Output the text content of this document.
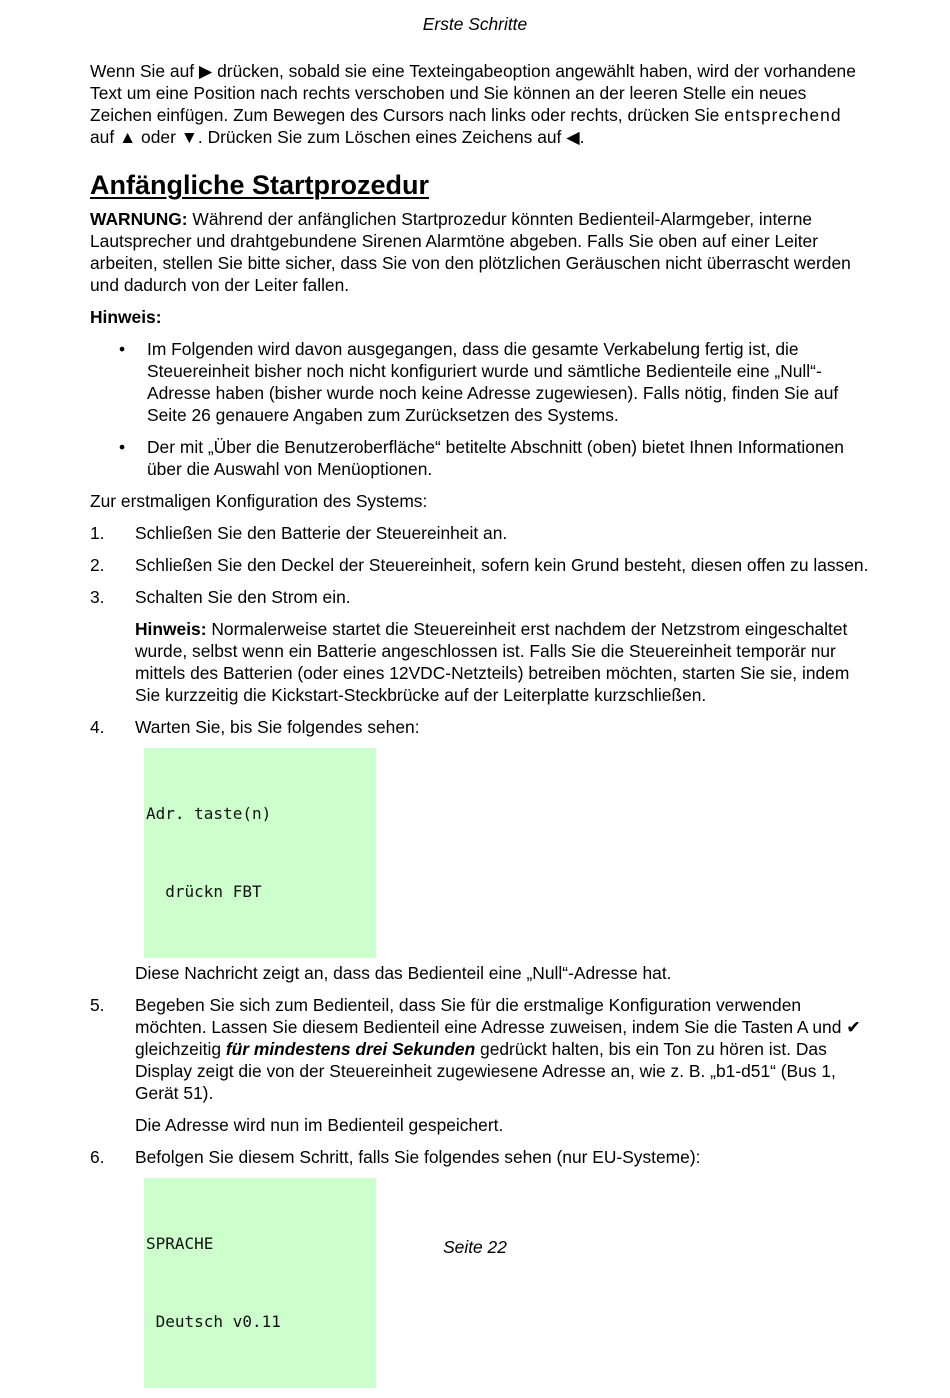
Erste Schritte

Wenn Sie auf ▶ drücken, sobald sie eine Texteingabeoption angewählt haben, wird der vorhandene Text um eine Position nach rechts verschoben und Sie können an der leeren Stelle ein neues Zeichen einfügen. Zum Bewegen des Cursors nach links oder rechts, drücken Sie entsprechend auf ▲ oder ▼. Drücken Sie zum Löschen eines Zeichens auf ◀.

Anfängliche Startprozedur

WARNUNG: Während der anfänglichen Startprozedur könnten Bedienteil-Alarmgeber, interne Lautsprecher und drahtgebundene Sirenen Alarmtöne abgeben. Falls Sie oben auf einer Leiter arbeiten, stellen Sie bitte sicher, dass Sie von den plötzlichen Geräuschen nicht überrascht werden und dadurch von der Leiter fallen.

Hinweis:

• Im Folgenden wird davon ausgegangen, dass die gesamte Verkabelung fertig ist, die Steuereinheit bisher noch nicht konfiguriert wurde und sämtliche Bedienteile eine „Null“-Adresse haben (bisher wurde noch keine Adresse zugewiesen). Falls nötig, finden Sie auf Seite 26 genauere Angaben zum Zurücksetzen des Systems.
• Der mit „Über die Benutzeroberfläche“ betitelte Abschnitt (oben) bietet Ihnen Informationen über die Auswahl von Menüoptionen.

Zur erstmaligen Konfiguration des Systems:

1. Schließen Sie den Batterie der Steuereinheit an.
2. Schließen Sie den Deckel der Steuereinheit, sofern kein Grund besteht, diesen offen zu lassen.
3. Schalten Sie den Strom ein.

Hinweis: Normalerweise startet die Steuereinheit erst nachdem der Netzstrom eingeschaltet wurde, selbst wenn ein Batterie angeschlossen ist. Falls Sie die Steuereinheit temporär nur mittels des Batterien (oder eines 12VDC-Netzteils) betreiben möchten, starten Sie sie, indem Sie kurzzeitig die Kickstart-Steckbrücke auf der Leiterplatte kurzschließen.

4. Warten Sie, bis Sie folgendes sehen:

Adr. taste(n)

drückn FBT

Diese Nachricht zeigt an, dass das Bedienteil eine „Null“-Adresse hat.

5. Begeben Sie sich zum Bedienteil, dass Sie für die erstmalige Konfiguration verwenden möchten. Lassen Sie diesem Bedienteil eine Adresse zuweisen, indem Sie die Tasten A und ✔ gleichzeitig für mindestens drei Sekunden gedrückt halten, bis ein Ton zu hören ist. Das Display zeigt die von der Steuereinheit zugewiesene Adresse an, wie z. B. „b1-d51“ (Bus 1, Gerät 51).

Die Adresse wird nun im Bedienteil gespeichert.

6. Befolgen Sie diesem Schritt, falls Sie folgendes sehen (nur EU-Systeme):

SPRACHE

Deutsch v0.11

Seite 22
